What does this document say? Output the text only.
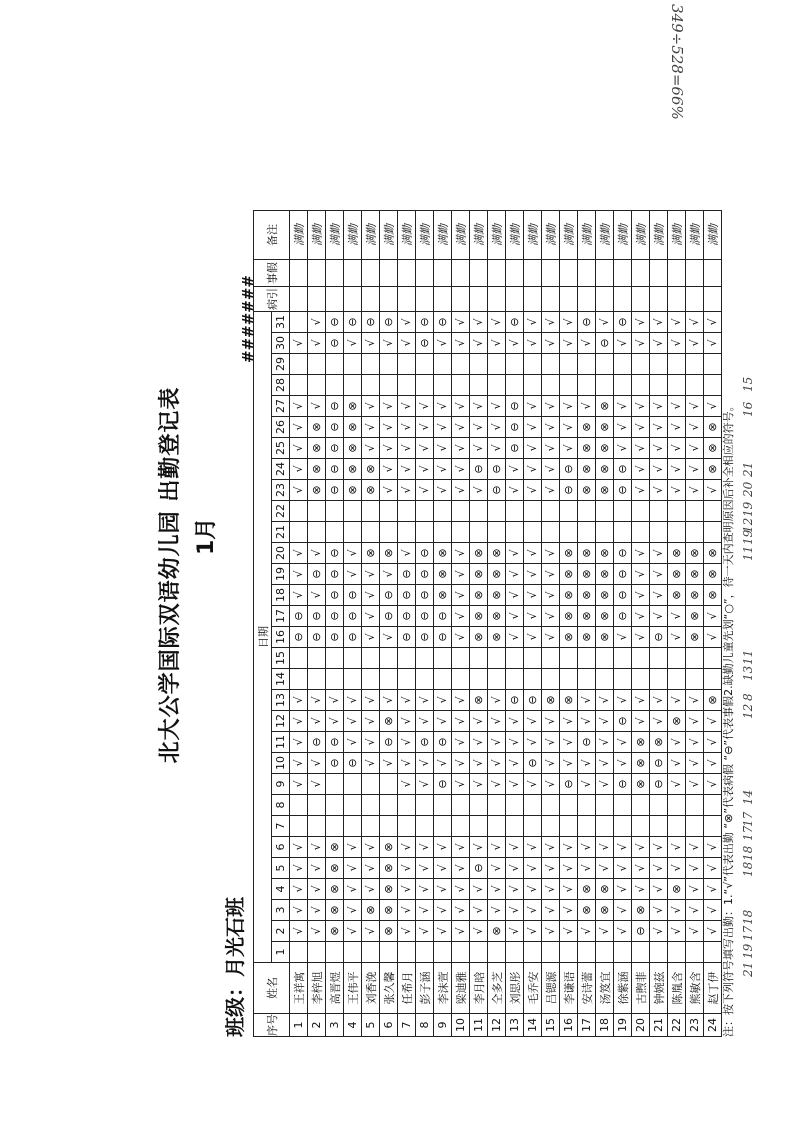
北大公学国际双语幼儿园 出勤登记表 1月
班级：月光石班
#######
序号	姓名	日期																															病引	事假	备注
		1	2	3	4	5	6	7	8	9	10	11	12	13	14	15	16	17	18	19	20	21	22	23	24	25	26	27	28	29	30	31			
1	王祥寓		√	√	√	√	√			√	√	√	√	√			⊖	⊖	√	√	√			√	√	√	√	√			√				满勤
2	李梓旭		√	√	√	√	√			√	√	⊖	√	√			⊖	⊖	√	⊖	√			⊗	⊗	⊗	⊗	√			√	√			满勤
3	高晋煜		⊗	⊗	⊗	⊗	⊗				⊖	⊖	√	√			⊖	⊖	⊖	⊖	⊖			⊖	⊖	⊖	⊖	⊖			⊖	⊖			满勤
4	王伟平		√	√	√	√	√				⊖	√	√	√			⊖	⊖	⊖	√	√			⊗	⊗	⊗	⊗	⊗			√	⊖			满勤
5	刘香浼		√	⊗	√	√	√				√	√	√	√			√	√	√	√	⊗			⊗	⊗	√	√	√			√	⊖			满勤
6	张久馨		⊗	⊗	⊗	⊗	⊗				√	⊖	⊗	√			√	⊖	⊖	√	⊗			√	√	√	√	√			√	⊖			满勤
7	任希月		√	√	√	√	√			√	√	√	√	√			⊖	⊖	⊖	⊖	√			√	√	√	√	√			√	√			满勤
8	彭子涵		√	√	√	√	√			√	√	⊖	√	√			⊖	⊖	⊖	⊖	⊖			√	√	√	√	√			⊖	⊖			满勤
9	李沫萱		√	√	√	√	√			⊖	√	⊖	√	√			⊖	⊖	⊗	⊗	⊗			√	√	√	√	√			√	⊖			满勤
10	梁迪雅		√	√	√	√	√			√	√	√	√	√			√	√	√	√	√			√	√	√	√	√			√	√			满勤
11	李月晗		√	√	√	⊖	√			√	√	√	√	⊗			⊗	⊗	⊗	⊗	⊗			√	⊖	√	√	√			√	√			满勤
12	仝多芝		⊗	√	√	√	√			√	√	√	√	√			⊗	⊗	⊗	⊗	⊗			⊖	⊖	√	√	√			√	√			满勤
13	刘思彤		√	√	√	√	√			√	√	√	√	⊖			√	√	√	√	√			√	√	⊖	⊖	⊖			√	⊖			满勤
14	毛乔安		√	√	√	√	√			√	⊖	√	√	⊖			√	√	√	√	√			√	√	√	√	√			√	√			满勤
15	吕锶源		√	√	√	√	√			√	√	√	√	⊗			√	√	√	√	√			√	√	√	√	√			√	√			满勤
16	李谦语		√	√	√	√	√			⊖	√	√	√	⊗			⊗	⊗	⊗	⊗	⊗			⊖	⊖	√	√	√			√	√			满勤
17	安诗蕾		√	⊗	⊗	√	√			√	√	⊖	√	√			⊗	⊗	⊗	⊗	⊗			⊗	⊗	⊗	⊗	√			√	⊖			满勤
18	汤笈宜		√	⊗	⊗	√	√			√	√	√	√	√			⊗	⊗	⊗	⊗	⊗			⊗	⊗	⊗	⊗	⊗			⊖	√			满勤
19	徐紫涵		√	√	√	√	√			⊖	√	√	⊖	√			√	⊖	⊖	⊖	⊖			⊖	⊖	√	√	√			√	⊖			满勤
20	古煦菲		⊖	⊗	√	√	√			⊗	⊗	⊗	√	√			√	√	√	√	√			√	√	√	√	√			√	√			满勤
21	钟婉兹		√	√	√	√	√			⊖	⊖	⊗	√	√			⊖	√	√	√	√			√	√	√	√	√			√	√			满勤
22	陈胤含		√	√	⊗	√	√			√	√	√	⊗	√			√	√	⊗	⊗	⊗			√	√	√	√	√			√	√			满勤
23	熊敏含		√	√	√	√	√			√	√	√	√	√			⊗	⊗	⊗	⊗	⊗			√	√	√	√	√			√	√			满勤
24	赵丁伊		√	√	√	√	√			√	√	√	√	⊗			√	√	⊗	⊗	⊗			√	⊗	⊗	⊗	√			√	√			满勤
注：按下列符号填写出勤：1.“√”代表出勤 “⊗”代表病假 “⊖”代表事假2.缺勤儿童先划“○”，待一天内查明原因后补全相应的符号。 21
19
17
18
18
18
17
17
14
12
8
13
11
11
19
12
19
20
21
16
15
349÷528=66%
